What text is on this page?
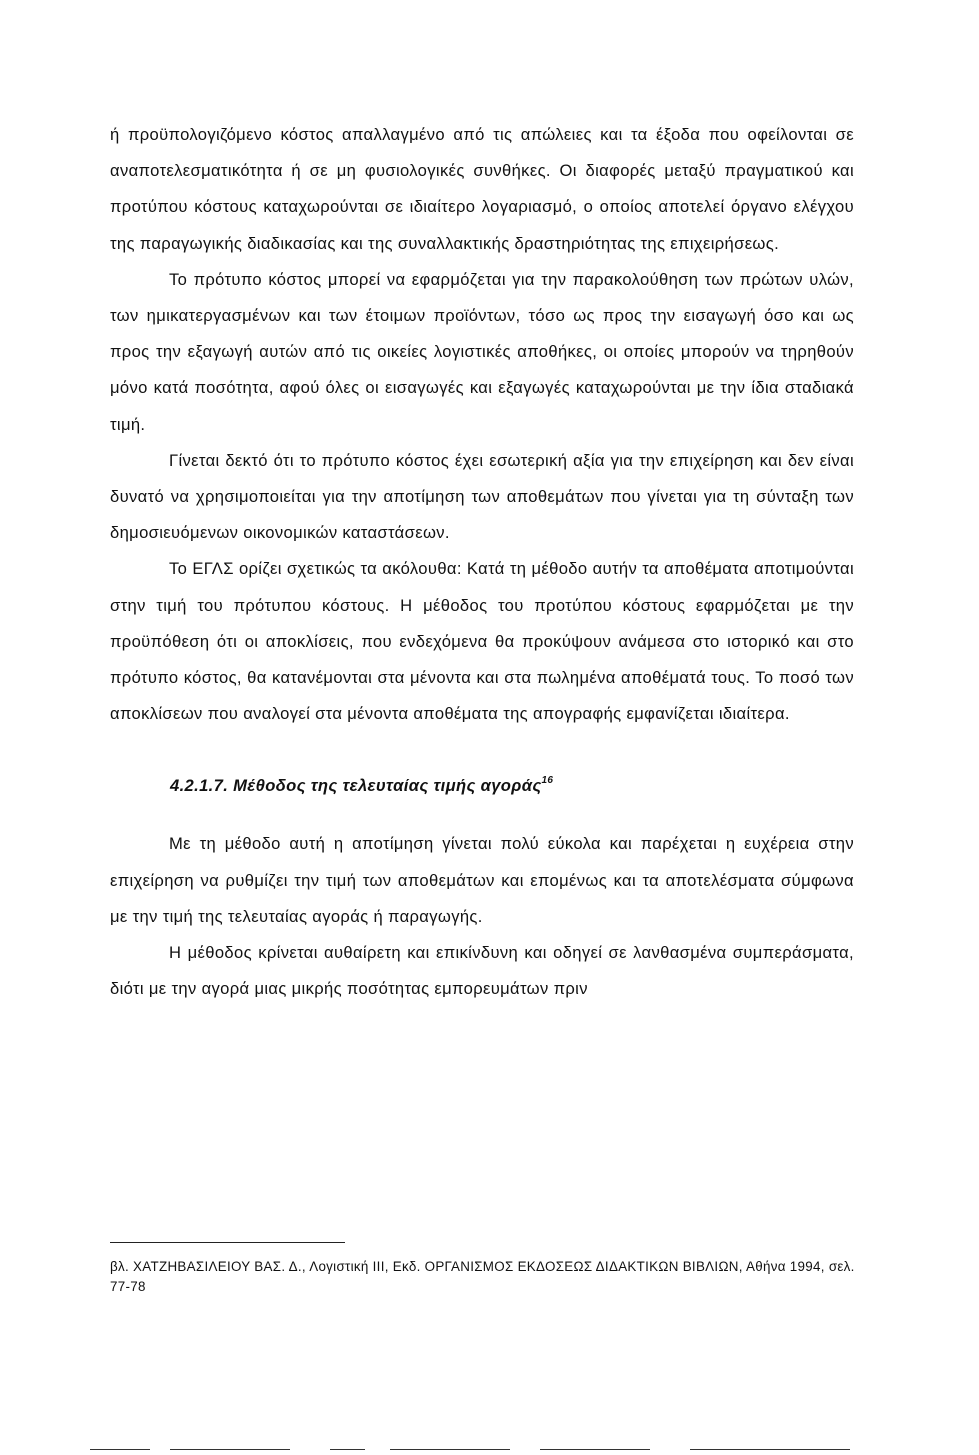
ή προϋπολογιζόμενο κόστος απαλλαγμένο από τις απώλειες και τα έξοδα που οφείλονται σε αναποτελεσματικότητα ή σε μη φυσιολογικές συνθήκες. Οι διαφορές μεταξύ πραγματικού και προτύπου κόστους καταχωρούνται σε ιδιαίτερο λογαριασμό, ο οποίος αποτελεί όργανο ελέγχου της παραγωγικής διαδικασίας και της συναλλακτικής δραστηριότητας της επιχειρήσεως.

Το πρότυπο κόστος μπορεί να εφαρμόζεται για την παρακολούθηση των πρώτων υλών, των ημικατεργασμένων και των έτοιμων προϊόντων, τόσο ως προς την εισαγωγή όσο και ως προς την εξαγωγή αυτών από τις οικείες λογιστικές αποθήκες, οι οποίες μπορούν να τηρηθούν μόνο κατά ποσότητα, αφού όλες οι εισαγωγές και εξαγωγές καταχωρούνται με την ίδια σταδιακά τιμή.

Γίνεται δεκτό ότι το πρότυπο κόστος έχει εσωτερική αξία για την επιχείρηση και δεν είναι δυνατό να χρησιμοποιείται για την αποτίμηση των αποθεμάτων που γίνεται για τη σύνταξη των δημοσιευόμενων οικονομικών καταστάσεων.

Το ΕΓΛΣ ορίζει σχετικώς τα ακόλουθα: Κατά τη μέθοδο αυτήν τα αποθέματα αποτιμούνται στην τιμή του πρότυπου κόστους. Η μέθοδος του προτύπου κόστους εφαρμόζεται με την προϋπόθεση ότι οι αποκλίσεις, που ενδεχόμενα θα προκύψουν ανάμεσα στο ιστορικό και στο πρότυπο κόστος, θα κατανέμονται στα μένοντα και στα πωλημένα αποθέματά τους. Το ποσό των αποκλίσεων που αναλογεί στα μένοντα αποθέματα της απογραφής εμφανίζεται ιδιαίτερα.

4.2.1.7. Μέθοδος της τελευταίας τιμής αγοράς$^{16}$

Με τη μέθοδο αυτή η αποτίμηση γίνεται πολύ εύκολα και παρέχεται η ευχέρεια στην επιχείρηση να ρυθμίζει την τιμή των αποθεμάτων και επομένως και τα αποτελέσματα σύμφωνα με την τιμή της τελευταίας αγοράς ή παραγωγής.

Η μέθοδος κρίνεται αυθαίρετη και επικίνδυνη και οδηγεί σε λανθασμένα συμπεράσματα, διότι με την αγορά μιας μικρής ποσότητας εμπορευμάτων πριν

βλ. ΧΑΤΖΗΒΑΣΙΛΕΙΟΥ ΒΑΣ. Δ., Λογιστική ΙΙΙ, Εκδ. ΟΡΓΑΝΙΣΜΟΣ ΕΚΔΟΣΕΩΣ ΔΙΔΑΚΤΙΚΩΝ ΒΙΒΛΙΩΝ, Αθήνα 1994, σελ. 77-78
